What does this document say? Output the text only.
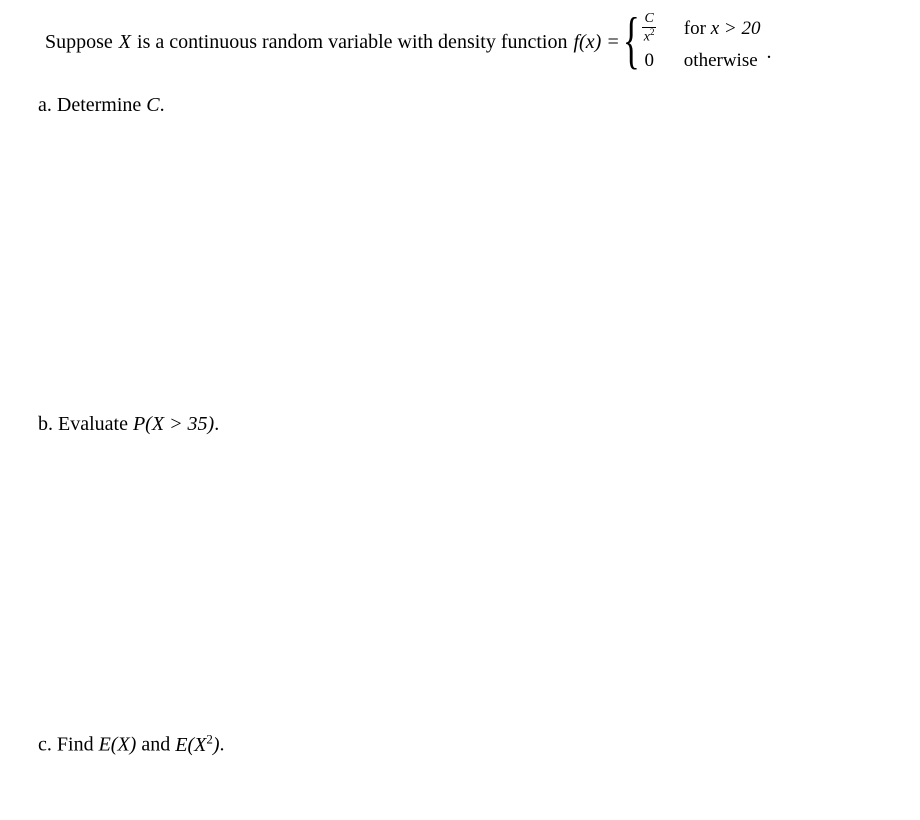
Suppose X is a continuous random variable with density function f(x) = { $\frac{C}{x^2}$ for x > 20
0 otherwise .
a. Determine C.
b. Evaluate P(X > 35).
c. Find E(X) and $E(X^2)$.
